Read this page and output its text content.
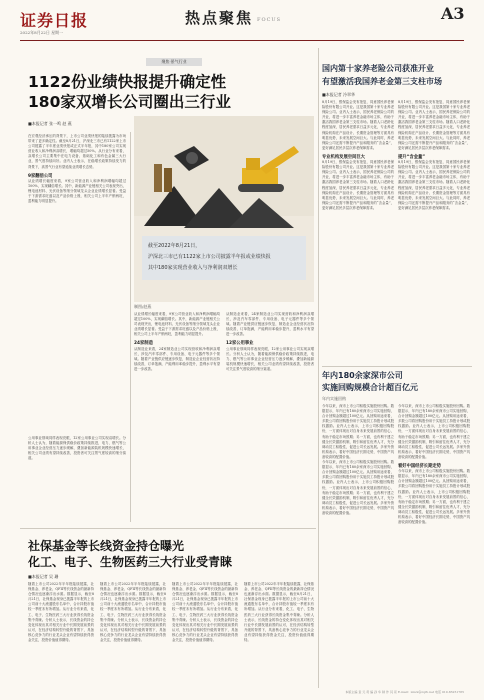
证券日报
2022年8月22日 星期一
热点聚焦 FOCUS	A3
聚焦·景气行业
1122份业绩快报提升确定性
180家双增长公司圈出三行业
■本报记者 张一鸣 赵 燕
截至2022年8月21日，
沪深北三市已有1122家上市公司披露半年报或业绩快报
其中180家实现营业收入与净利润双增长
制图/赵燕
在宏观经济承压的背景下，上市公司业绩快报的陆续披露为市场带来了更多确定性。截至8月21日，沪深北三市已有1122家上市公司披露了半年度业绩快报或正式半年报，其中180家公司实现营业收入和净利润双增长，增幅均超过50%。从行业分布来看，双增长公司主要集中在电力设备、基础化工和有色金属三大行业，景气度持续向好。业内人士表示，在稳增长政策持续发力的背景下，高景气行业有望延续业绩增长态势。
9家翻倍公司
从业绩增长幅度来看，9家公司营业收入和净利润增幅均超过100%，实现翻倍增长。其中，新能源产业链相关公司表现突出，锂电池材料、光伏设备等细分领域龙头企业业绩增长显著。受益于下游需求旺盛以及产品价格上涨，相关公司上半年产销两旺，盈利能力明显提升。
从业绩增长幅度来看，9家公司营业收入和净利润增幅均超过100%，实现翻倍增长。其中，新能源产业链相关公司表现突出，锂电池材料、光伏设备等细分领域龙头企业业绩增长显著。受益于下游需求旺盛以及产品价格上涨，相关公司上半年产销两旺，盈利能力明显提升。
24家制造
从制造业来看，24家制造业公司实现营收和净利润双增长，涉及汽车零部件、专用设备、电子元器件等多个领域。随着产业链供应链逐步恢复，制造业企业经营状况持续改善，订单饱满，产能利用率稳步提升，盈利水平有望进一步改善。
从制造业来看，24家制造业公司实现营收和净利润双增长，涉及汽车零部件、专用设备、电子元器件等多个领域。随着产业链供应链逐步恢复，制造业企业经营状况持续改善，订单饱满，产能利用率稳步提升，盈利水平有望进一步改善。
12家公用事业
公用事业领域同样表现亮眼，12家公用事业公司实现双增长。分析人士认为，随着能源保供稳价政策持续推进，电力、燃气等公用事业企业经营压力逐步缓解，叠加新能源装机规模快速增长，相关公司业绩有望持续改善，投资者可关注景气度较高的细分赛道。
公用事业领域同样表现亮眼，12家公用事业公司实现双增长。分析人士认为，随着能源保供稳价政策持续推进，电力、燃气等公用事业企业经营压力逐步缓解，叠加新能源装机规模快速增长，相关公司业绩有望持续改善，投资者可关注景气度较高的细分赛道。
社保基金等长线资金持仓曝光
化工、电子、生物医药三大行业受青睐
■本报记者 吴 珊
随着上市公司2022年半年报陆续披露，社保基金、养老金、QFII等长线资金的最新持仓情况也逐渐浮出水面。数据显示，截至8月21日，社保基金现身已披露半年报的上市公司前十大流通股东名单中，合计持股市值较一季度末有所增加。从行业分布来看，化工、电子、生物医药三大行业获得长线资金集中青睐。分析人士表示，长线资金的持仓变化体现出其对相关行业中长期发展前景的认可，在经济结构转型升级的背景下，具备核心竞争力的行业龙头企业有望持续获得资金关注，投资价值值得期待。
随着上市公司2022年半年报陆续披露，社保基金、养老金、QFII等长线资金的最新持仓情况也逐渐浮出水面。数据显示，截至8月21日，社保基金现身已披露半年报的上市公司前十大流通股东名单中，合计持股市值较一季度末有所增加。从行业分布来看，化工、电子、生物医药三大行业获得长线资金集中青睐。分析人士表示，长线资金的持仓变化体现出其对相关行业中长期发展前景的认可，在经济结构转型升级的背景下，具备核心竞争力的行业龙头企业有望持续获得资金关注，投资价值值得期待。
随着上市公司2022年半年报陆续披露，社保基金、养老金、QFII等长线资金的最新持仓情况也逐渐浮出水面。数据显示，截至8月21日，社保基金现身已披露半年报的上市公司前十大流通股东名单中，合计持股市值较一季度末有所增加。从行业分布来看，化工、电子、生物医药三大行业获得长线资金集中青睐。分析人士表示，长线资金的持仓变化体现出其对相关行业中长期发展前景的认可，在经济结构转型升级的背景下，具备核心竞争力的行业龙头企业有望持续获得资金关注，投资价值值得期待。
随着上市公司2022年半年报陆续披露，社保基金、养老金、QFII等长线资金的最新持仓情况也逐渐浮出水面。数据显示，截至8月21日，社保基金现身已披露半年报的上市公司前十大流通股东名单中，合计持股市值较一季度末有所增加。从行业分布来看，化工、电子、生物医药三大行业获得长线资金集中青睐。分析人士表示，长线资金的持仓变化体现出其对相关行业中长期发展前景的认可，在经济结构转型升级的背景下，具备核心竞争力的行业龙头企业有望持续获得资金关注，投资价值值得期待。
国内第十家养老险公司获准开业
有望激活我国养老金第三支柱市场
■本报记者 冷翠华
8月19日，银保监会发布批复，同意国民养老保险股份有限公司开业。这是我国第十家专业养老保险公司。业内人士表示，国民养老保险公司的开业，将进一步丰富养老金融市场主体，有助于激活我国养老金第三支柱市场。随着人口老龄化程度加深，居民养老需求日益多元化，专业养老保险机构在产品设计、长期资金管理等方面具有明显优势，未来发展空间巨大。与此同时，养老保险公司还需不断提升产品和服务的“含金量”，更好满足居民多层次养老保障需求。
专业机构发展空间巨大
8月19日，银保监会发布批复，同意国民养老保险股份有限公司开业。这是我国第十家专业养老保险公司。业内人士表示，国民养老保险公司的开业，将进一步丰富养老金融市场主体，有助于激活我国养老金第三支柱市场。随着人口老龄化程度加深，居民养老需求日益多元化，专业养老保险机构在产品设计、长期资金管理等方面具有明显优势，未来发展空间巨大。与此同时，养老保险公司还需不断提升产品和服务的“含金量”，更好满足居民多层次养老保障需求。
8月19日，银保监会发布批复，同意国民养老保险股份有限公司开业。这是我国第十家专业养老保险公司。业内人士表示，国民养老保险公司的开业，将进一步丰富养老金融市场主体，有助于激活我国养老金第三支柱市场。随着人口老龄化程度加深，居民养老需求日益多元化，专业养老保险机构在产品设计、长期资金管理等方面具有明显优势，未来发展空间巨大。与此同时，养老保险公司还需不断提升产品和服务的“含金量”，更好满足居民多层次养老保障需求。
提升“含金量”
8月19日，银保监会发布批复，同意国民养老保险股份有限公司开业。这是我国第十家专业养老保险公司。业内人士表示，国民养老保险公司的开业，将进一步丰富养老金融市场主体，有助于激活我国养老金第三支柱市场。随着人口老龄化程度加深，居民养老需求日益多元化，专业养老保险机构在产品设计、长期资金管理等方面具有明显优势，未来发展空间巨大。与此同时，养老保险公司还需不断提升产品和服务的“含金量”，更好满足居民多层次养老保障需求。
年内180余家深市公司
实施回购规模合计超百亿元
年内实施回购
今年以来，深市上市公司积极实施股份回购。数据显示，年内已有180余家深市公司实施回购，合计回购金额超过100亿元。从回购用途来看，多数公司将回购股份用于实施员工持股计划或股权激励。业内人士表示，上市公司积极回购股份，一方面体现出对自身未来发展前景的信心，有助于稳定市场预期；另一方面，也有利于建立健全长效激励机制，吸引和留住优秀人才，充分调动员工积极性，促进公司长远发展。多家外资机构表示，看好中国经济长期走势，中国资产具备较高的配置价值。
今年以来，深市上市公司积极实施股份回购。数据显示，年内已有180余家深市公司实施回购，合计回购金额超过100亿元。从回购用途来看，多数公司将回购股份用于实施员工持股计划或股权激励。业内人士表示，上市公司积极回购股份，一方面体现出对自身未来发展前景的信心，有助于稳定市场预期；另一方面，也有利于建立健全长效激励机制，吸引和留住优秀人才，充分调动员工积极性，促进公司长远发展。多家外资机构表示，看好中国经济长期走势，中国资产具备较高的配置价值。
今年以来，深市上市公司积极实施股份回购。数据显示，年内已有180余家深市公司实施回购，合计回购金额超过100亿元。从回购用途来看，多数公司将回购股份用于实施员工持股计划或股权激励。业内人士表示，上市公司积极回购股份，一方面体现出对自身未来发展前景的信心，有助于稳定市场预期；另一方面，也有利于建立健全长效激励机制，吸引和留住优秀人才，充分调动员工积极性，促进公司长远发展。多家外资机构表示，看好中国经济长期走势，中国资产具备较高的配置价值。
看好中国经济长期走势
今年以来，深市上市公司积极实施股份回购。数据显示，年内已有180余家深市公司实施回购，合计回购金额超过100亿元。从回购用途来看，多数公司将回购股份用于实施员工持股计划或股权激励。业内人士表示，上市公司积极回购股份，一方面体现出对自身未来发展前景的信心，有助于稳定市场预期；另一方面，也有利于建立健全长效激励机制，吸引和留住优秀人才，充分调动员工积极性，促进公司长远发展。多家外资机构表示，看好中国经济长期走势，中国资产具备较高的配置价值。
本版主编 袁 元 责 编 孙 华 制 作 闫 亮 E-mail：zmzx@zqrb.net 电话 010-83251785
